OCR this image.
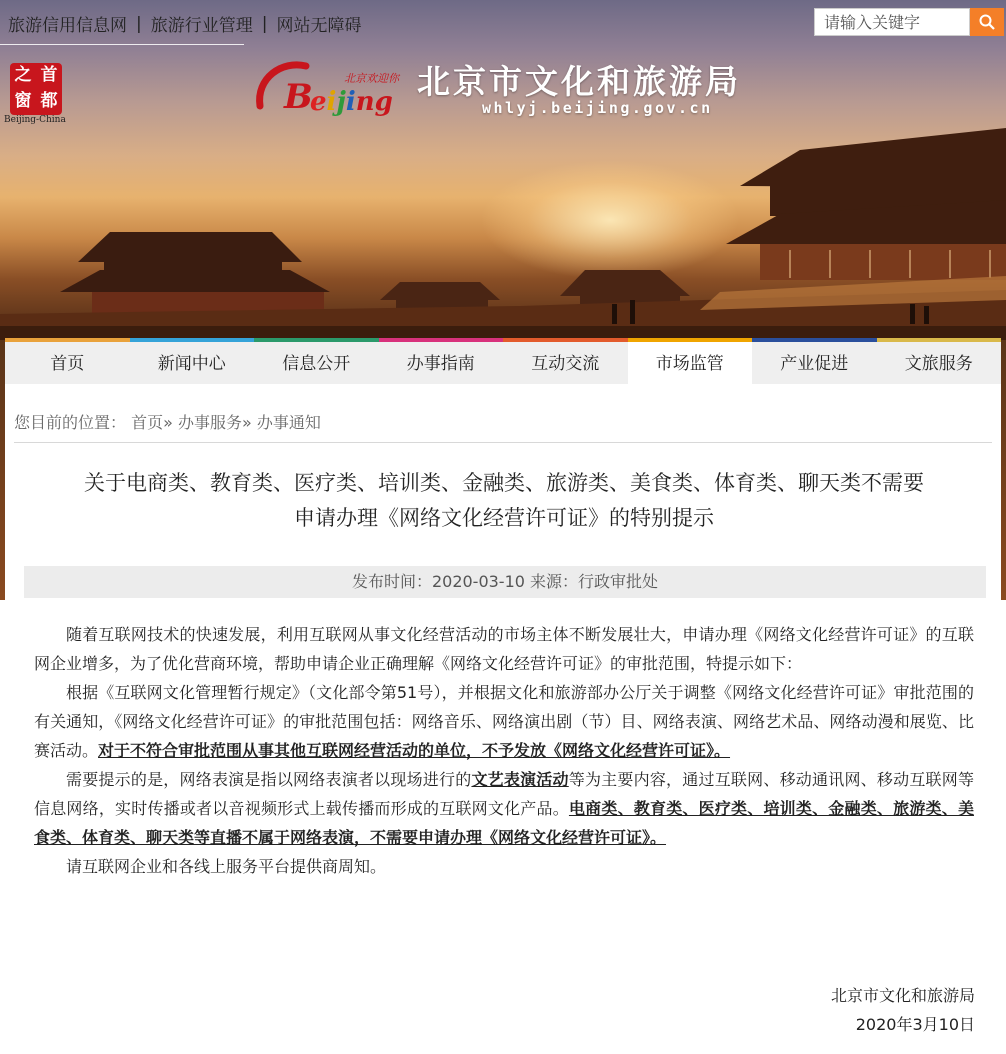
旅游信用信息网 | 旅游行业管理 | 网站无障碍
请输入关键字
之 首
窗 都
Beijing-China
B
eijing
北京欢迎你 北京市文化和旅游局
whlyj.beijing.gov.cn
首页	新闻中心	信息公开	办事指南	互动交流	市场监管	产业促进	文旅服务
您目前的位置： 首页» 办事服务» 办事通知
关于电商类、教育类、医疗类、培训类、金融类、旅游类、美食类、体育类、聊天类不需要
申请办理《网络文化经营许可证》的特别提示
发布时间：2020-03-10 来源：行政审批处

随着互联网技术的快速发展，利用互联网从事文化经营活动的市场主体不断发展壮大，申请办理《网络文化经营许可证》的互联网企业增多，为了优化营商环境，帮助申请企业正确理解《网络文化经营许可证》的审批范围，特提示如下：

根据《互联网文化管理暂行规定》（文化部令第51号），并根据文化和旅游部办公厅关于调整《网络文化经营许可证》审批范围的有关通知，《网络文化经营许可证》的审批范围包括：网络音乐、网络演出剧（节）目、网络表演、网络艺术品、网络动漫和展览、比赛活动。对于不符合审批范围从事其他互联网经营活动的单位，不予发放《网络文化经营许可证》。

需要提示的是，网络表演是指以网络表演者以现场进行的文艺表演活动等为主要内容，通过互联网、移动通讯网、移动互联网等信息网络，实时传播或者以音视频形式上载传播而形成的互联网文化产品。电商类、教育类、医疗类、培训类、金融类、旅游类、美食类、体育类、聊天类等直播不属于网络表演，不需要申请办理《网络文化经营许可证》。

请互联网企业和各线上服务平台提供商周知。

北京市文化和旅游局
2020年3月10日
